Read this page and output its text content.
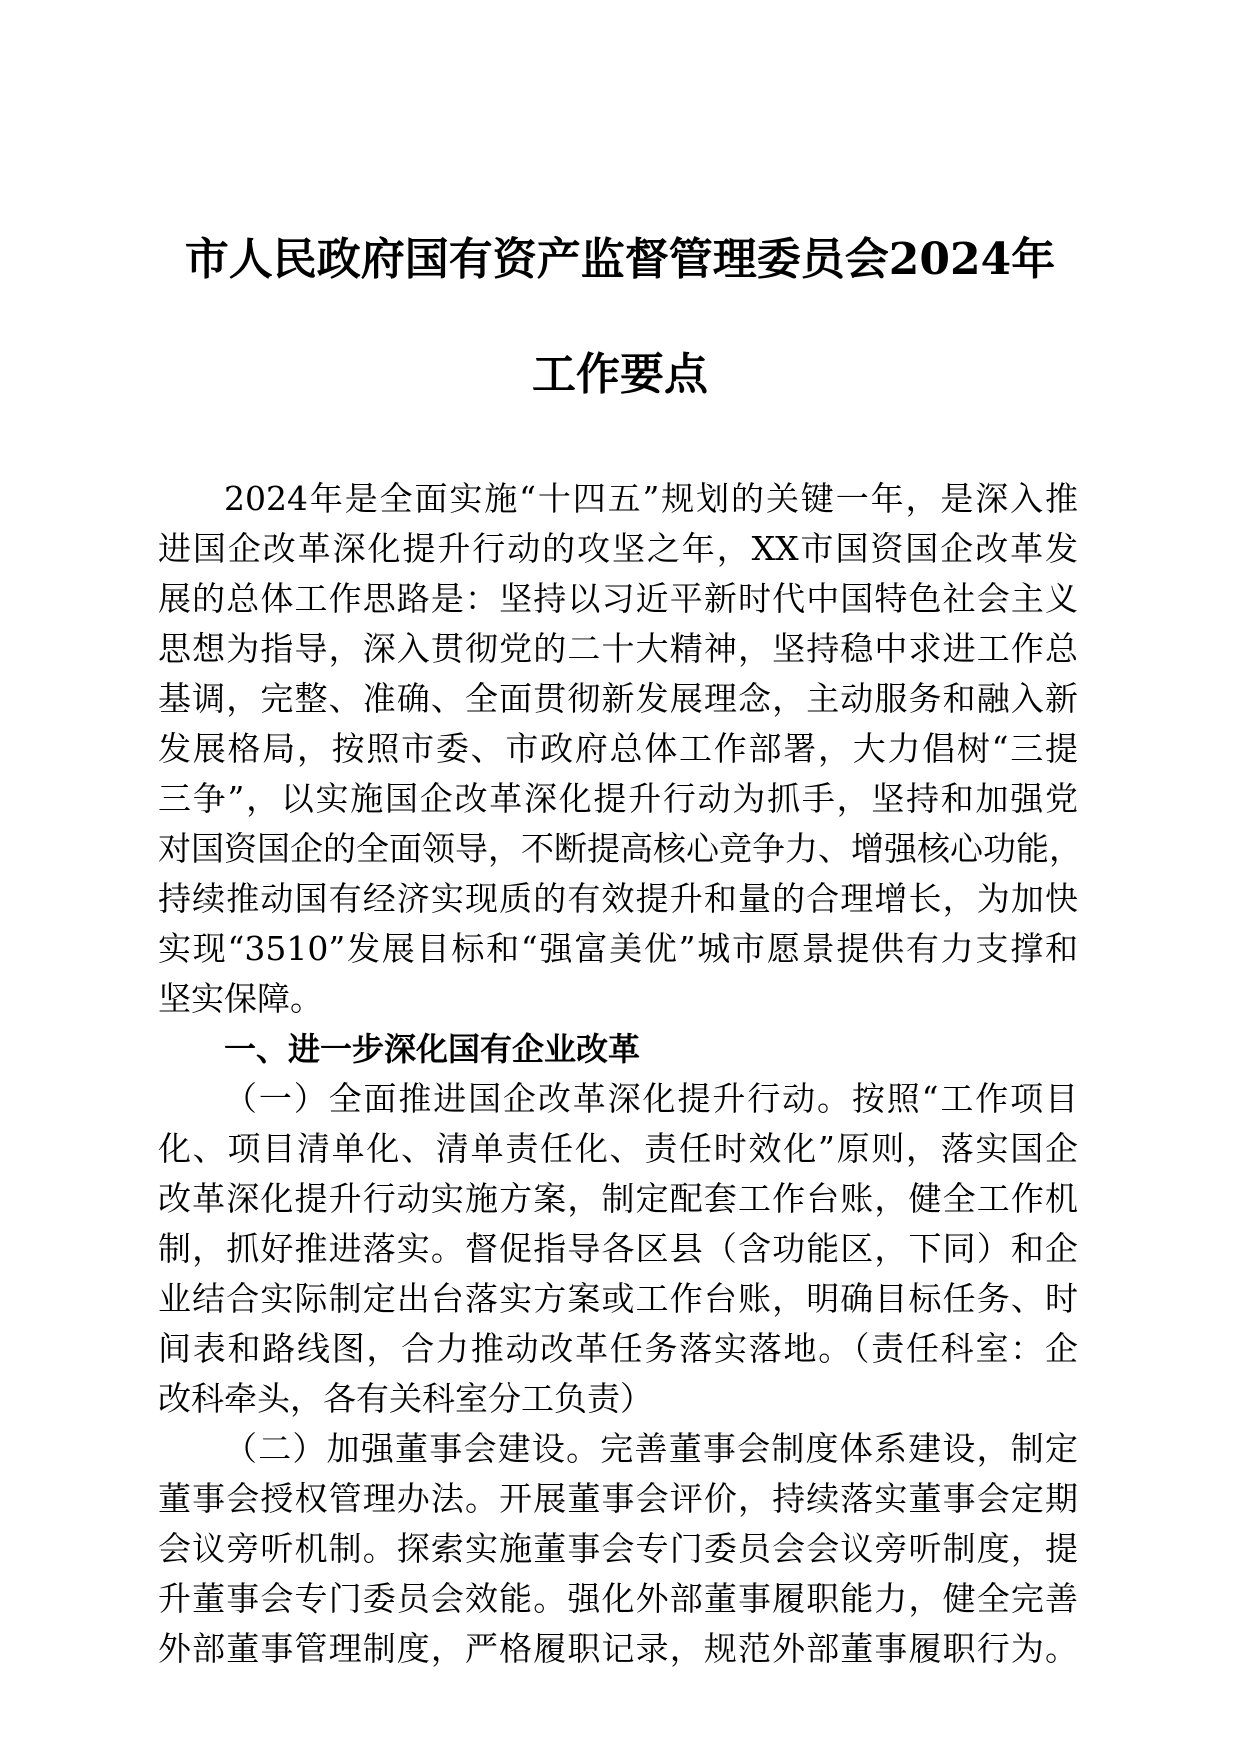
市人民政府国有资产监督管理委员会2024年
工作要点
2024年是全面实施“十四五”规划的关键一年，是深入推
进国企改革深化提升行动的攻坚之年，XX市国资国企改革发
展的总体工作思路是：坚持以习近平新时代中国特色社会主义
思想为指导，深入贯彻党的二十大精神，坚持稳中求进工作总
基调，完整、准确、全面贯彻新发展理念，主动服务和融入新
发展格局，按照市委、市政府总体工作部署，大力倡树“三提
三争”，以实施国企改革深化提升行动为抓手，坚持和加强党
对国资国企的全面领导，不断提高核心竞争力、增强核心功能，
持续推动国有经济实现质的有效提升和量的合理增长，为加快
实现“3510”发展目标和“强富美优”城市愿景提供有力支撑和
坚实保障。
一、进一步深化国有企业改革
（一）全面推进国企改革深化提升行动。按照“工作项目
化、项目清单化、清单责任化、责任时效化”原则，落实国企
改革深化提升行动实施方案，制定配套工作台账，健全工作机
制，抓好推进落实。督促指导各区县（含功能区，下同）和企
业结合实际制定出台落实方案或工作台账，明确目标任务、时
间表和路线图，合力推动改革任务落实落地。（责任科室：企
改科牵头，各有关科室分工负责）
（二）加强董事会建设。完善董事会制度体系建设，制定
董事会授权管理办法。开展董事会评价，持续落实董事会定期
会议旁听机制。探索实施董事会专门委员会会议旁听制度，提
升董事会专门委员会效能。强化外部董事履职能力，健全完善
外部董事管理制度，严格履职记录，规范外部董事履职行为。
